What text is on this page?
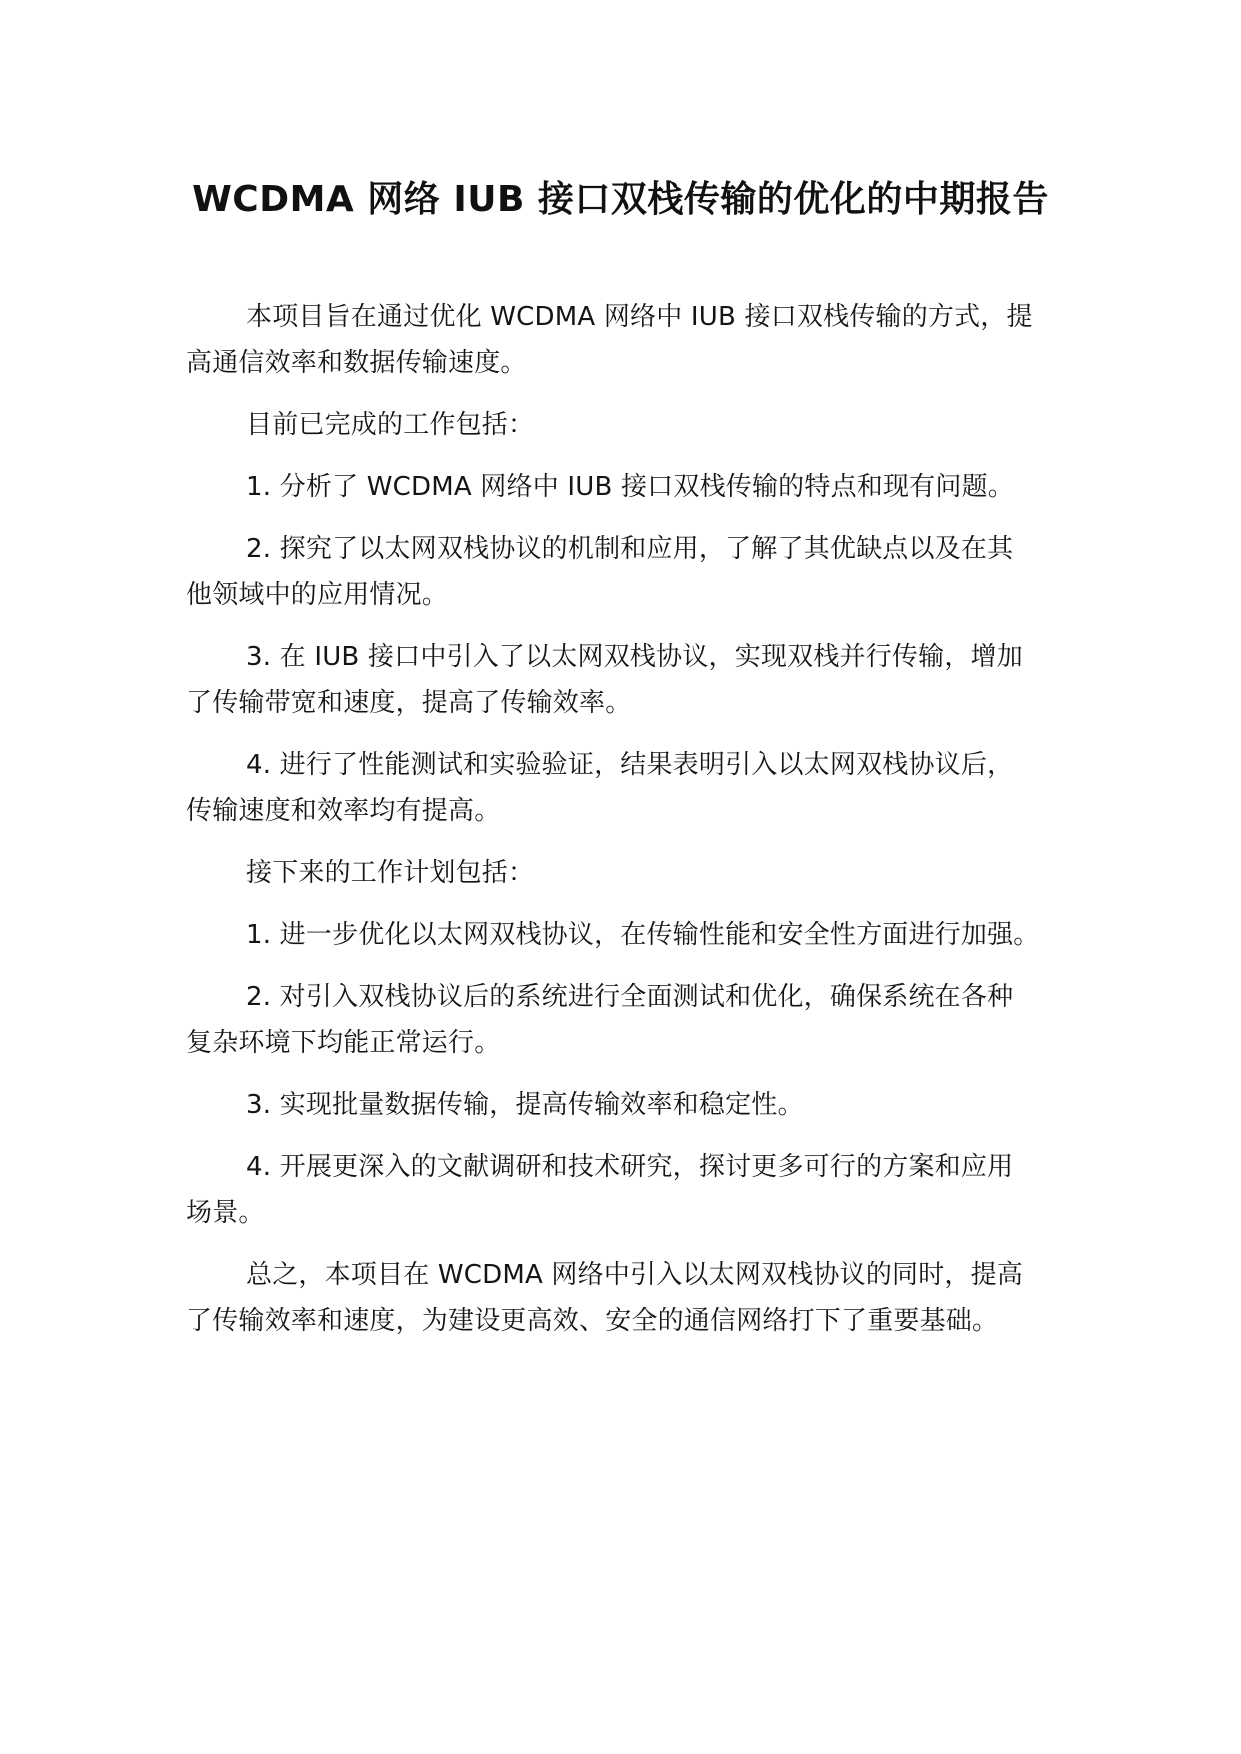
WCDMA 网络 IUB 接口双栈传输的优化的中期报告

本项目旨在通过优化 WCDMA 网络中 IUB 接口双栈传输的方式，提
高通信效率和数据传输速度。

目前已完成的工作包括：

1. 分析了 WCDMA 网络中 IUB 接口双栈传输的特点和现有问题。

2. 探究了以太网双栈协议的机制和应用，了解了其优缺点以及在其
他领域中的应用情况。

3. 在 IUB 接口中引入了以太网双栈协议，实现双栈并行传输，增加
了传输带宽和速度，提高了传输效率。

4. 进行了性能测试和实验验证，结果表明引入以太网双栈协议后，
传输速度和效率均有提高。

接下来的工作计划包括：

1. 进一步优化以太网双栈协议，在传输性能和安全性方面进行加强。

2. 对引入双栈协议后的系统进行全面测试和优化，确保系统在各种
复杂环境下均能正常运行。

3. 实现批量数据传输，提高传输效率和稳定性。

4. 开展更深入的文献调研和技术研究，探讨更多可行的方案和应用
场景。

总之，本项目在 WCDMA 网络中引入以太网双栈协议的同时，提高
了传输效率和速度，为建设更高效、安全的通信网络打下了重要基础。
